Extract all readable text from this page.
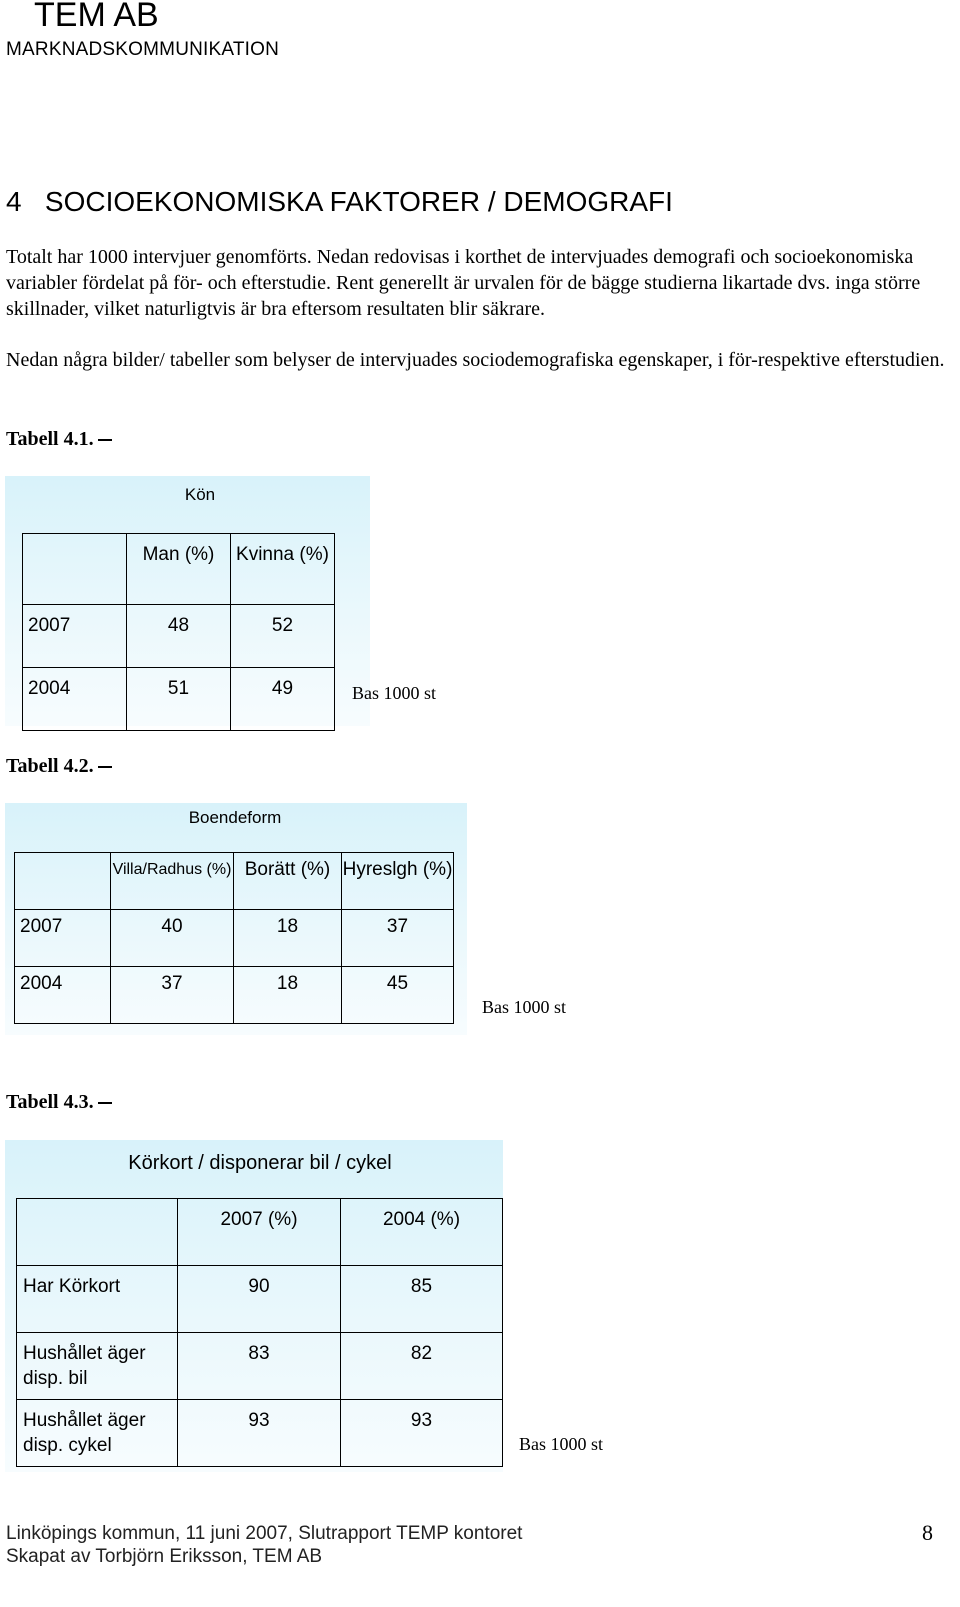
TEM AB
MARKNADSKOMMUNIKATION
4   SOCIOEKONOMISKA FAKTORER / DEMOGRAFI
Totalt har 1000 intervjuer genomförts. Nedan redovisas i korthet de intervjuades demografi och socioekonomiska variabler fördelat på för- och efterstudie. Rent generellt är urvalen för de bägge studierna likartade dvs. inga större skillnader, vilket naturligtvis är bra eftersom resultaten blir säkrare.
Nedan några bilder/ tabeller som belyser de intervjuades sociodemografiska egenskaper, i för-respektive efterstudien.
Tabell 4.1.
Kön

	Man (%)	Kvinna (%)

2007	48	52

2004	51	49	Bas 1000 st
Tabell 4.2.
Boendeform

	Villa/Radhus (%)	Borätt (%)	Hyreslgh (%)

2007	40	18	37

2004	37	18	45
Bas 1000 st
Tabell 4.3.
Körkort / disponerar bil / cykel

	2007 (%)	2004 (%)

Har Körkort	90	85

Hushållet äger disp. bil	83	82

Hushållet äger disp. cykel	93	93
Bas 1000 st
Linköpings kommun, 11 juni 2007, Slutrapport TEMP kontoret
Skapat av Torbjörn Eriksson, TEM AB
8
